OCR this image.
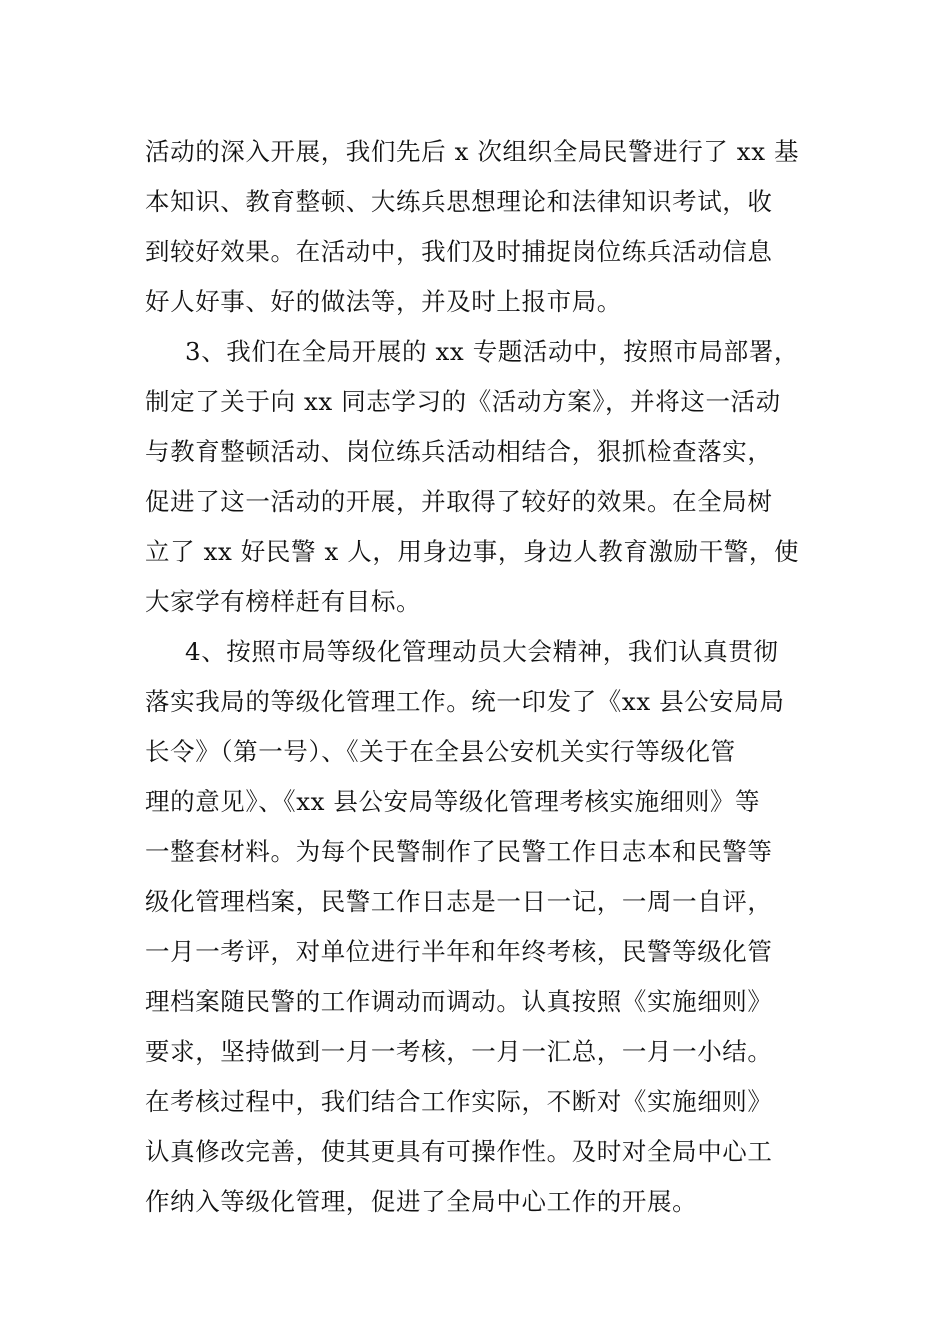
活动的深入开展，我们先后 x 次组织全局民警进行了 xx 基
本知识、教育整顿、大练兵思想理论和法律知识考试，收
到较好效果。在活动中，我们及时捕捉岗位练兵活动信息
好人好事、好的做法等，并及时上报市局。
3、我们在全局开展的 xx 专题活动中，按照市局部署，
制定了关于向 xx 同志学习的《活动方案》，并将这一活动
与教育整顿活动、岗位练兵活动相结合，狠抓检查落实，
促进了这一活动的开展，并取得了较好的效果。在全局树
立了 xx 好民警 x 人，用身边事，身边人教育激励干警，使
大家学有榜样赶有目标。
4、按照市局等级化管理动员大会精神，我们认真贯彻
落实我局的等级化管理工作。统一印发了《xx 县公安局局
长令》（第一号）、《关于在全县公安机关实行等级化管
理的意见》、《xx 县公安局等级化管理考核实施细则》等
一整套材料。为每个民警制作了民警工作日志本和民警等
级化管理档案，民警工作日志是一日一记，一周一自评，
一月一考评，对单位进行半年和年终考核，民警等级化管
理档案随民警的工作调动而调动。认真按照《实施细则》
要求，坚持做到一月一考核，一月一汇总，一月一小结。
在考核过程中，我们结合工作实际，不断对《实施细则》
认真修改完善，使其更具有可操作性。及时对全局中心工
作纳入等级化管理，促进了全局中心工作的开展。
